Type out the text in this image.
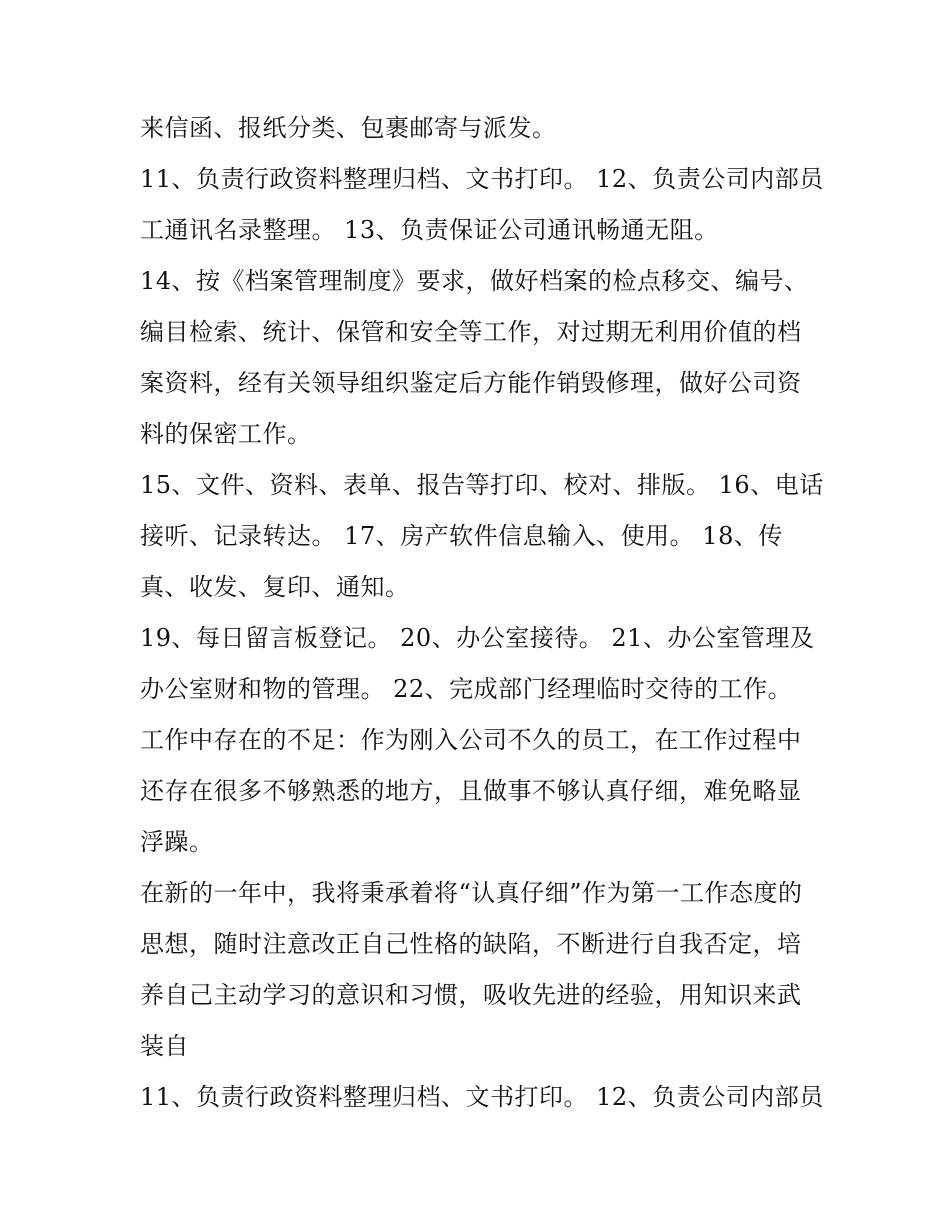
来信函、报纸分类、包裹邮寄与派发。
11、负责行政资料整理归档、文书打印。 12、负责公司内部员
工通讯名录整理。 13、负责保证公司通讯畅通无阻。
14、按《档案管理制度》要求，做好档案的检点移交、编号、
编目检索、统计、保管和安全等工作，对过期无利用价值的档
案资料，经有关领导组织鉴定后方能作销毁修理，做好公司资
料的保密工作。
15、文件、资料、表单、报告等打印、校对、排版。 16、电话
接听、记录转达。 17、房产软件信息输入、使用。 18、传
真、收发、复印、通知。
19、每日留言板登记。 20、办公室接待。 21、办公室管理及
办公室财和物的管理。 22、完成部门经理临时交待的工作。
工作中存在的不足：作为刚入公司不久的员工，在工作过程中
还存在很多不够熟悉的地方，且做事不够认真仔细，难免略显
浮躁。
在新的一年中，我将秉承着将“认真仔细”作为第一工作态度的
思想，随时注意改正自己性格的缺陷，不断进行自我否定，培
养自己主动学习的意识和习惯，吸收先进的经验，用知识来武
装自
11、负责行政资料整理归档、文书打印。 12、负责公司内部员
